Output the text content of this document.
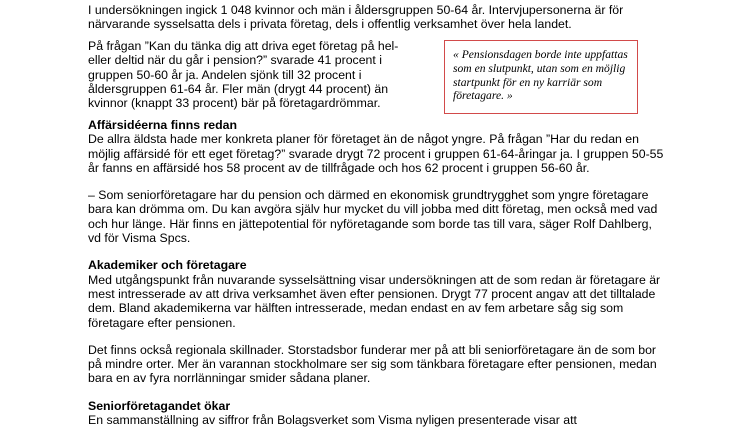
I undersökningen ingick 1 048 kvinnor och män i åldersgruppen 50-64 år. Intervjupersonerna är för närvarande sysselsatta dels i privata företag, dels i offentlig verksamhet över hela landet.

På frågan ”Kan du tänka dig att driva eget företag på hel- eller deltid när du går i pension?” svarade 41 procent i gruppen 50-60 år ja. Andelen sjönk till 32 procent i åldersgruppen 61-64 år. Fler män (drygt 44 procent) än kvinnor (knappt 33 procent) bär på företagardrömmar.

« Pensionsdagen borde inte uppfattas som en slutpunkt, utan som en möjlig startpunkt för en ny karriär som företagare. »
Affärsidéerna finns redan

De allra äldsta hade mer konkreta planer för företaget än de något yngre. På frågan ”Har du redan en möjlig affärsidé för ett eget företag?” svarade drygt 72 procent i gruppen 61-64-åringar ja. I gruppen 50-55 år fanns en affärsidé hos 58 procent av de tillfrågade och hos 62 procent i gruppen 56-60 år.

– Som seniorföretagare har du pension och därmed en ekonomisk grundtrygghet som yngre företagare bara kan drömma om. Du kan avgöra själv hur mycket du vill jobba med ditt företag, men också med vad och hur länge. Här finns en jättepotential för nyföretagande som borde tas till vara, säger Rolf Dahlberg, vd för Visma Spcs.

Akademiker och företagare

Med utgångspunkt från nuvarande sysselsättning visar undersökningen att de som redan är företagare är mest intresserade av att driva verksamhet även efter pensionen. Drygt 77 procent angav att det tilltalade dem. Bland akademikerna var hälften intresserade, medan endast en av fem arbetare såg sig som företagare efter pensionen.

Det finns också regionala skillnader. Storstadsbor funderar mer på att bli seniorföretagare än de som bor på mindre orter. Mer än varannan stockholmare ser sig som tänkbara företagare efter pensionen, medan bara en av fyra norrlänningar smider sådana planer.

Seniorföretagandet ökar

En sammanställning av siffror från Bolagsverket som Visma nyligen presenterade visar att
